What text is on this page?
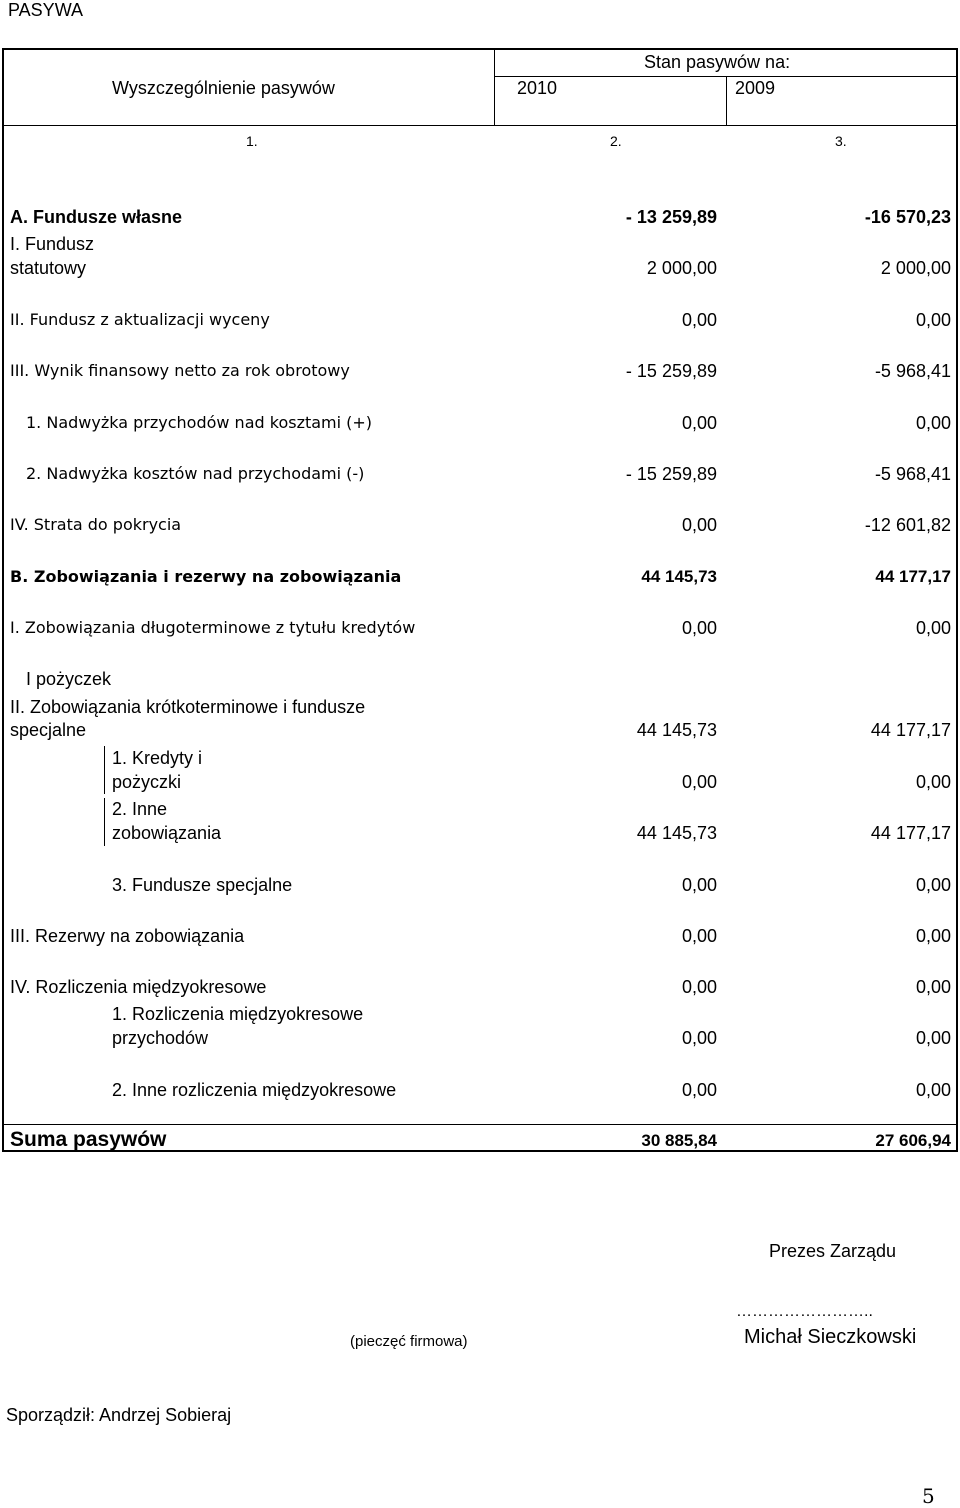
PASYWA
Stan pasywów na:
Wyszczególnienie pasywów	2010	2009
1.	2.	3.
A. Fundusze własne	- 13 259,89	-16 570,23
I. Fundusz
statutowy	2 000,00	2 000,00
II. Fundusz z aktualizacji wyceny	0,00	0,00
III. Wynik finansowy netto za rok obrotowy	- 15 259,89	-5 968,41
1. Nadwyżka przychodów nad kosztami (+)	0,00	0,00
2. Nadwyżka kosztów nad przychodami (-)	- 15 259,89	-5 968,41
IV. Strata do pokrycia	0,00	-12 601,82
B. Zobowiązania i rezerwy na zobowiązania	44 145,73	44 177,17
I. Zobowiązania długoterminowe z tytułu kredytów	0,00	0,00
I pożyczek
II. Zobowiązania krótkoterminowe i fundusze
specjalne	44 145,73	44 177,17
1. Kredyty i
pożyczki	0,00	0,00
2. Inne
zobowiązania	44 145,73	44 177,17
3. Fundusze specjalne	0,00	0,00
III. Rezerwy na zobowiązania	0,00	0,00
IV. Rozliczenia międzyokresowe	0,00	0,00
1. Rozliczenia międzyokresowe
przychodów	0,00	0,00
2. Inne rozliczenia międzyokresowe	0,00	0,00
Suma pasywów	30 885,84	27 606,94
Prezes Zarządu
……………………..
Michał Sieczkowski
(pieczęć firmowa)
Sporządził: Andrzej Sobieraj
5
